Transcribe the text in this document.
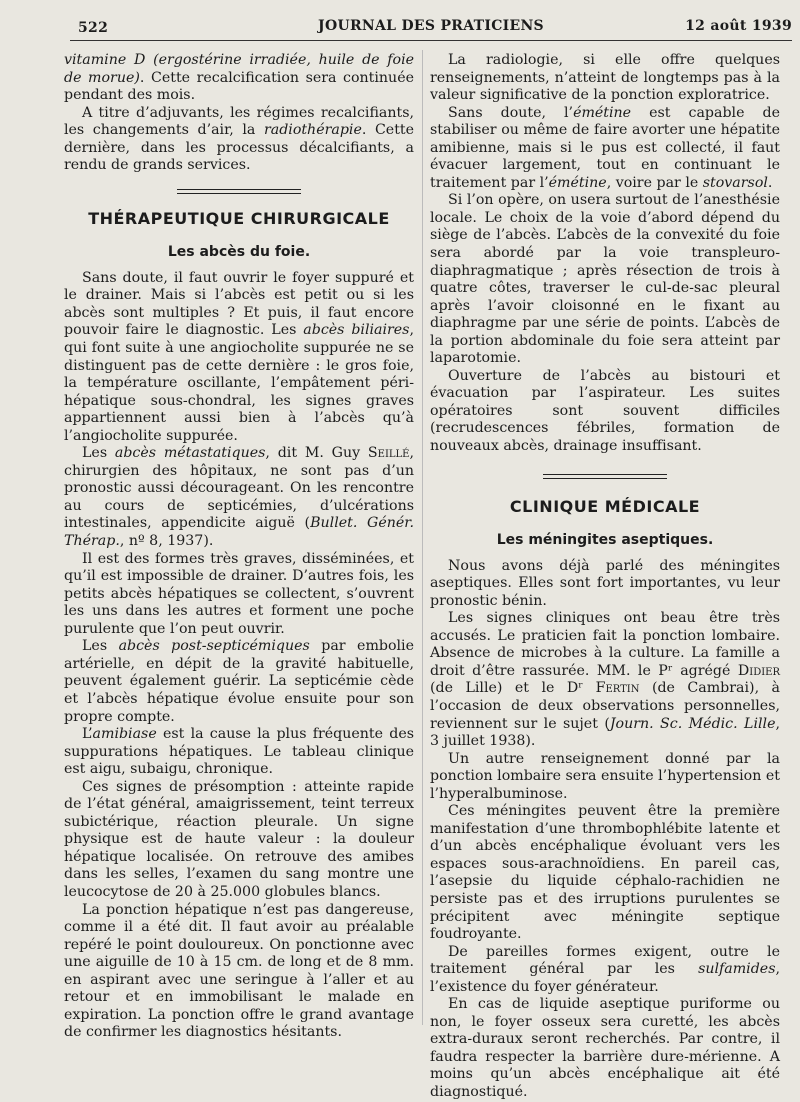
522	JOURNAL DES PRATICIENS	12 août 1939

vitamine D (ergostérine irradiée, huile de foie de morue). Cette recalcification sera continuée pendant des mois.

A titre d’adjuvants, les régimes recalcifiants, les changements d’air, la radiothérapie. Cette dernière, dans les processus décalcifiants, a rendu de grands services.

THÉRAPEUTIQUE CHIRURGICALE
Les abcès du foie.

Sans doute, il faut ouvrir le foyer suppuré et le drainer. Mais si l’abcès est petit ou si les abcès sont multiples ? Et puis, il faut encore pouvoir faire le diagnostic. Les abcès biliaires, qui font suite à une angiocholite suppurée ne se distinguent pas de cette dernière : le gros foie, la température oscillante, l’empâtement péri-hépatique sous-chondral, les signes graves appartiennent aussi bien à l’abcès qu’à l’angiocholite suppurée.

Les abcès métastatiques, dit M. Guy Seillé, chirurgien des hôpitaux, ne sont pas d’un pronostic aussi décourageant. On les rencontre au cours de septicémies, d’ulcérations intestinales, appendicite aiguë (Bullet. Génér. Thérap., nº 8, 1937).

Il est des formes très graves, disséminées, et qu’il est impossible de drainer. D’autres fois, les petits abcès hépatiques se collectent, s’ouvrent les uns dans les autres et forment une poche purulente que l’on peut ouvrir.

Les abcès post-septicémiques par embolie artérielle, en dépit de la gravité habituelle, peuvent également guérir. La septicémie cède et l’abcès hépatique évolue ensuite pour son propre compte.

L’amibiase est la cause la plus fréquente des suppurations hépatiques. Le tableau clinique est aigu, subaigu, chronique.

Ces signes de présomption : atteinte rapide de l’état général, amaigrissement, teint terreux subictérique, réaction pleurale. Un signe physique est de haute valeur : la douleur hépatique localisée. On retrouve des amibes dans les selles, l’examen du sang montre une leucocytose de 20 à 25.000 globules blancs.

La ponction hépatique n’est pas dangereuse, comme il a été dit. Il faut avoir au préalable repéré le point douloureux. On ponctionne avec une aiguille de 10 à 15 cm. de long et de 8 mm. en aspirant avec une seringue à l’aller et au retour et en immobilisant le malade en expiration. La ponction offre le grand avantage de confirmer les diagnostics hésitants.

La radiologie, si elle offre quelques renseignements, n’atteint de longtemps pas à la valeur significative de la ponction exploratrice.

Sans doute, l’émétine est capable de stabiliser ou même de faire avorter une hépatite amibienne, mais si le pus est collecté, il faut évacuer largement, tout en continuant le traitement par l’émétine, voire par le stovarsol.

Si l’on opère, on usera surtout de l’anesthésie locale. Le choix de la voie d’abord dépend du siège de l’abcès. L’abcès de la convexité du foie sera abordé par la voie transpleuro-diaphragmatique ; après résection de trois à quatre côtes, traverser le cul-de-sac pleural après l’avoir cloisonné en le fixant au diaphragme par une série de points. L’abcès de la portion abdominale du foie sera atteint par laparotomie.

Ouverture de l’abcès au bistouri et évacuation par l’aspirateur. Les suites opératoires sont souvent difficiles (recrudescences fébriles, formation de nouveaux abcès, drainage insuffisant.

CLINIQUE MÉDICALE
Les méningites aseptiques.

Nous avons déjà parlé des méningites aseptiques. Elles sont fort importantes, vu leur pronostic bénin.

Les signes cliniques ont beau être très accusés. Le praticien fait la ponction lombaire. Absence de microbes à la culture. La famille a droit d’être rassurée. MM. le Pʳ agrégé Didier (de Lille) et le Dʳ Fertin (de Cambrai), à l’occasion de deux observations personnelles, reviennent sur le sujet (Journ. Sc. Médic. Lille, 3 juillet 1938).

Un autre renseignement donné par la ponction lombaire sera ensuite l’hypertension et l’hyperalbuminose.

Ces méningites peuvent être la première manifestation d’une thrombophlébite latente et d’un abcès encéphalique évoluant vers les espaces sous-arachnoïdiens. En pareil cas, l’asepsie du liquide céphalo-rachidien ne persiste pas et des irruptions purulentes se précipitent avec méningite septique foudroyante.

De pareilles formes exigent, outre le traitement général par les sulfamides, l’existence du foyer générateur.

En cas de liquide aseptique puriforme ou non, le foyer osseux sera curetté, les abcès extra-duraux seront recherchés. Par contre, il faudra respecter la barrière dure-mérienne. A moins qu’un abcès encéphalique ait été diagnostiqué.
